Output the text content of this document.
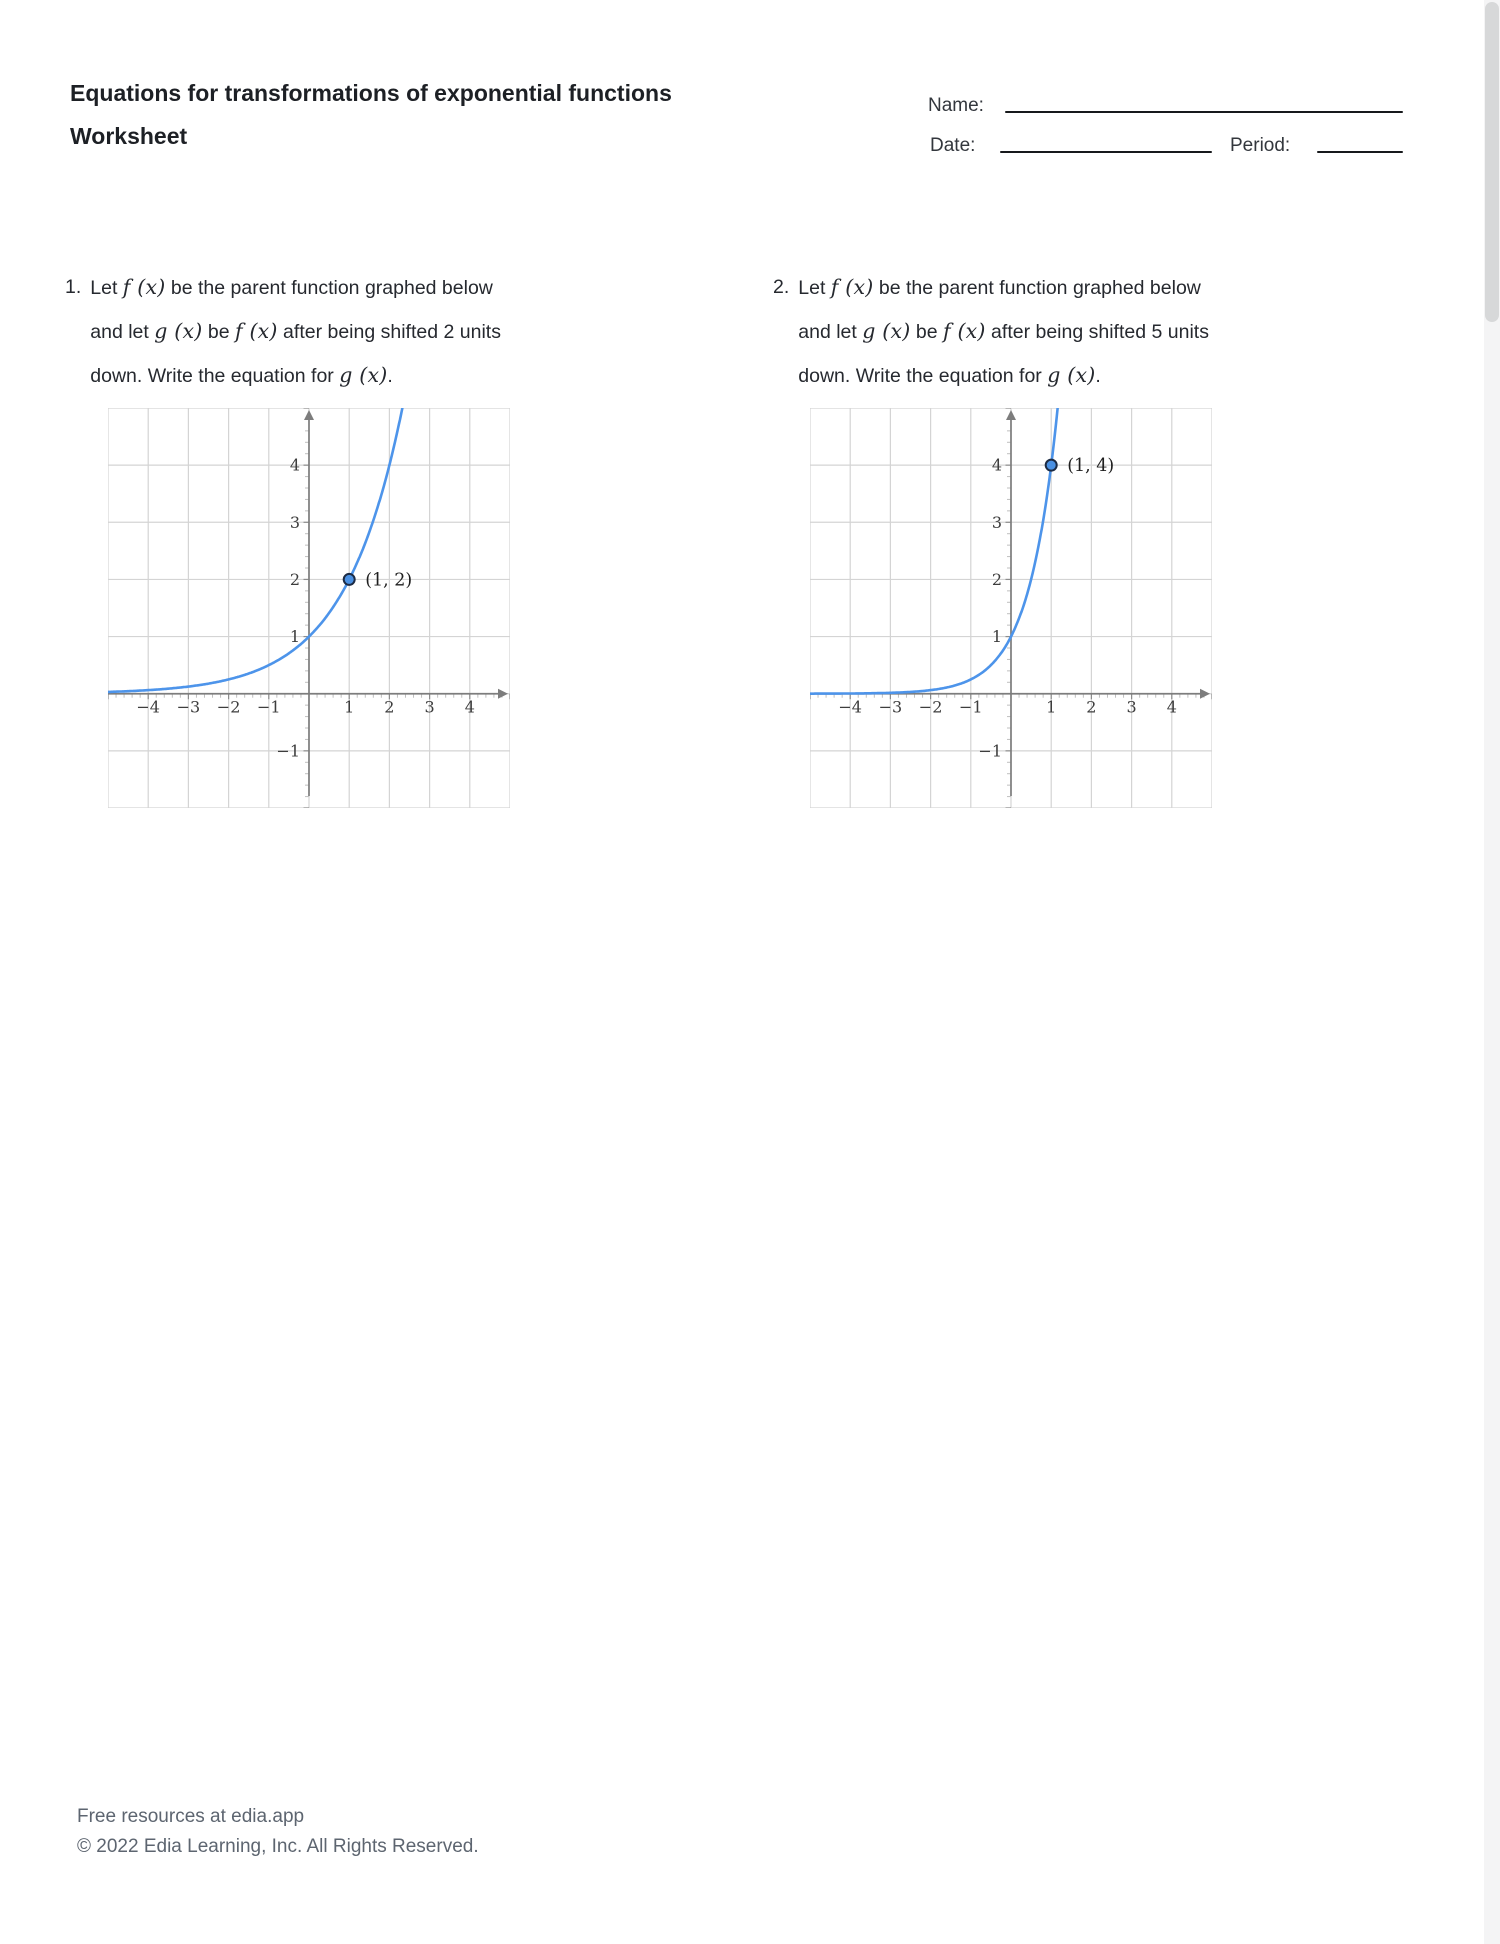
Equations for transformations of exponential functions
Worksheet
Name:
Date:	Period:
1. Let f (x) be the parent function graphed below
and let g (x) be f (x) after being shifted 2 units
down. Write the equation for g (x).
−4 −3 −2 −1	1 2 3 4
−1
1
2
3
4
(1, 2)
2. Let f (x) be the parent function graphed below
and let g (x) be f (x) after being shifted 5 units
down. Write the equation for g (x).
−4 −3 −2 −1	1 2 3 4
−1
1
2
3
4	(1, 4)
Free resources at edia.app
© 2022 Edia Learning, Inc. All Rights Reserved.
